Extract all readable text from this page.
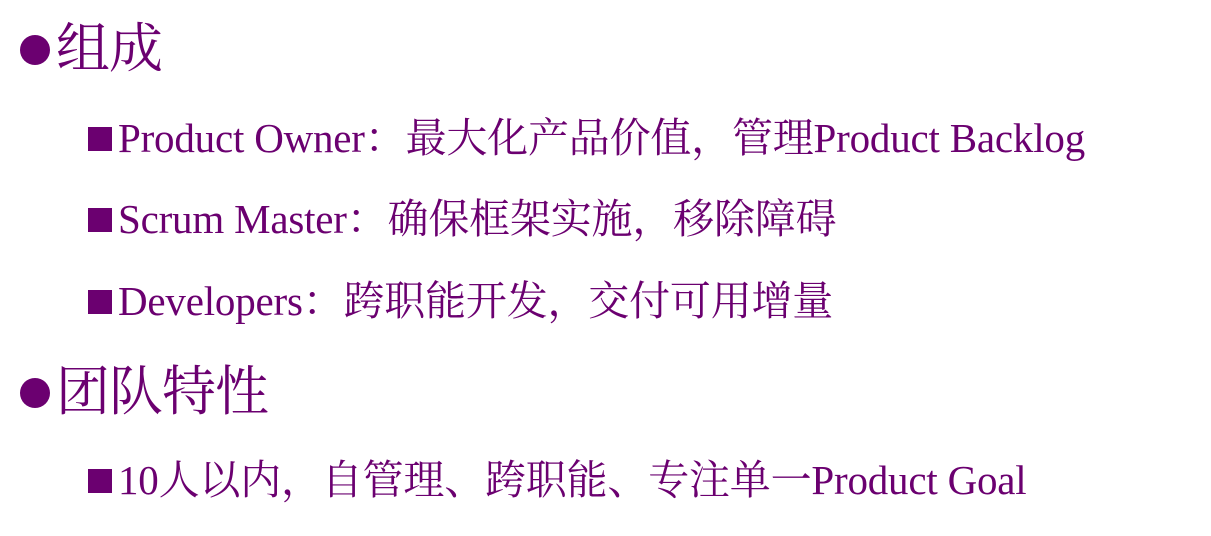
组成
Product Owner：最大化产品价值，管理Product Backlog
Scrum Master：确保框架实施，移除障碍
Developers：跨职能开发，交付可用增量
团队特性
10人以内，自管理、跨职能、专注单一Product Goal
